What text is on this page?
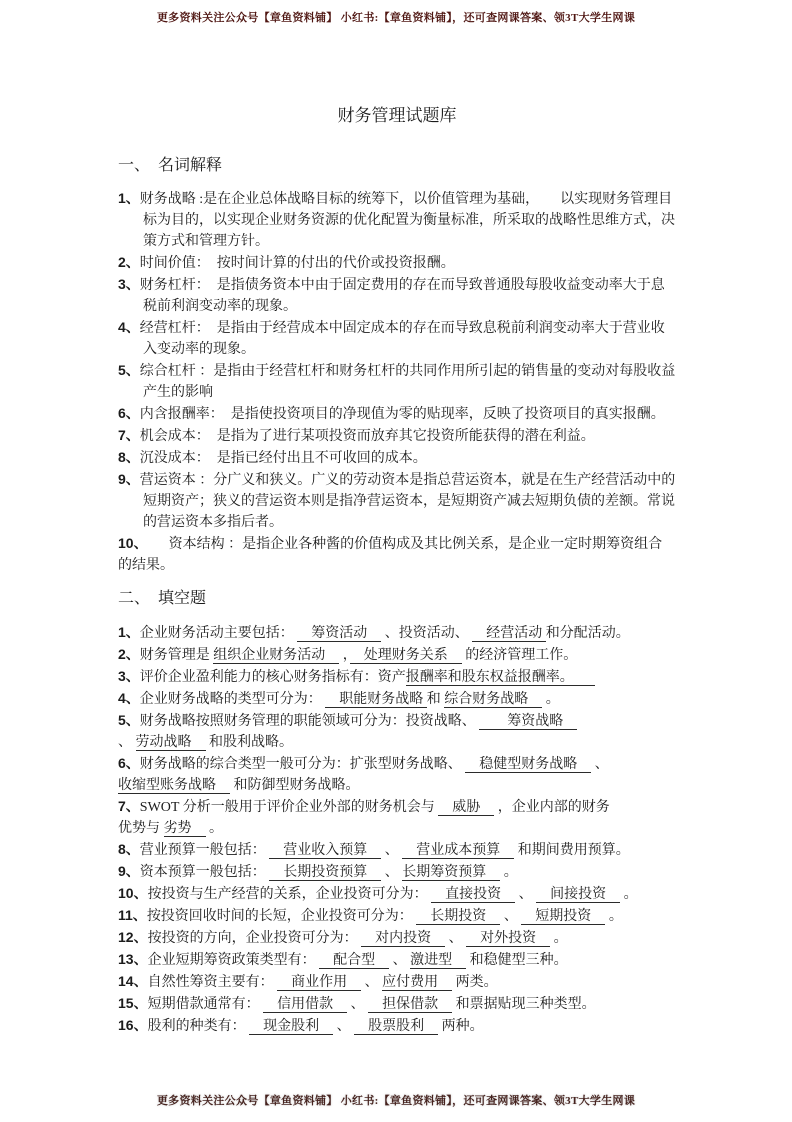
更多资料关注公众号【章鱼资料铺】 小红书:【章鱼资料铺】，还可查网课答案、领3T大学生网课
财务管理试题库
一、　名词解释
1、财务战略 :是在企业总体战略目标的统筹下，以价值管理为基础，　　以实现财务管理目标为目的，以实现企业财务资源的优化配置为衡量标准，所采取的战略性思维方式，决策方式和管理方针。
2、时间价值：　按时间计算的付出的代价或投资报酬。
3、财务杠杆：　是指债务资本中由于固定费用的存在而导致普通股每股收益变动率大于息税前利润变动率的现象。
4、经营杠杆：　是指由于经营成本中固定成本的存在而导致息税前利润变动率大于营业收入变动率的现象。
5、综合杠杆 ：是指由于经营杠杆和财务杠杆的共同作用所引起的销售量的变动对每股收益产生的影响
6、内含报酬率：　是指使投资项目的净现值为零的贴现率，反映了投资项目的真实报酬。
7、机会成本：　是指为了进行某项投资而放弃其它投资所能获得的潜在利益。
8、沉没成本：　是指已经付出且不可收回的成本。
9、营运资本 ：分广义和狭义。广义的劳动资本是指总营运资本，就是在生产经营活动中的短期资产；狭义的营运资本则是指净营运资本，是短期资产减去短期负债的差额。常说的营运资本多指后者。
10、　　资本结构 ：是指企业各种酱的价值构成及其比例关系，是企业一定时期筹资组合的结果。
二、　填空题
1、企业财务活动主要包括： 　筹资活动　 、投资活动、 　经营活动 和分配活动。
2、财务管理是 组织企业财务活动　 ，　处理财务关系　 的经济管理工作。
3、评价企业盈利能力的核心财务指标有：资产报酬率和股东权益报酬率。　　
4、企业财务战略的类型可分为： 　职能财务战略 和 综合财务战略　 。
5、财务战略按照财务管理的职能领域可分为：投资战略、 　　筹资战略　
、 劳动战略　 和股利战略。
6、财务战略的综合类型一般可分为：扩张型财务战略、 　稳健型财务战略　 、
收缩型账务战略　 和防御型财务战略。
7、SWOT 分析一般用于评价企业外部的财务机会与 　威胁　 ，企业内部的财务
优势与 劣势　 。
8、营业预算一般包括： 　营业收入预算　 、 　营业成本预算　 和期间费用预算。
9、资本预算一般包括： 　长期投资预算　 、 长期筹资预算　 。
10、按投资与生产经营的关系，企业投资可分为： 　直接投资　 、 　间接投资　 。
11、按投资回收时间的长短，企业投资可分为： 　长期投资　 、 　短期投资　 。
12、按投资的方向，企业投资可分为： 　对内投资　 、 　对外投资　 。
13、企业短期筹资政策类型有： 　配合型　 、 激进型　 和稳健型三种。
14、自然性筹资主要有： 　商业作用　 、 应付费用　 两类。
15、短期借款通常有： 　信用借款　 、 　担保借款　 和票据贴现三种类型。
16、股利的种类有： 　现金股利　 、 　股票股利　 两种。
更多资料关注公众号【章鱼资料铺】 小红书:【章鱼资料铺】，还可查网课答案、领3T大学生网课
